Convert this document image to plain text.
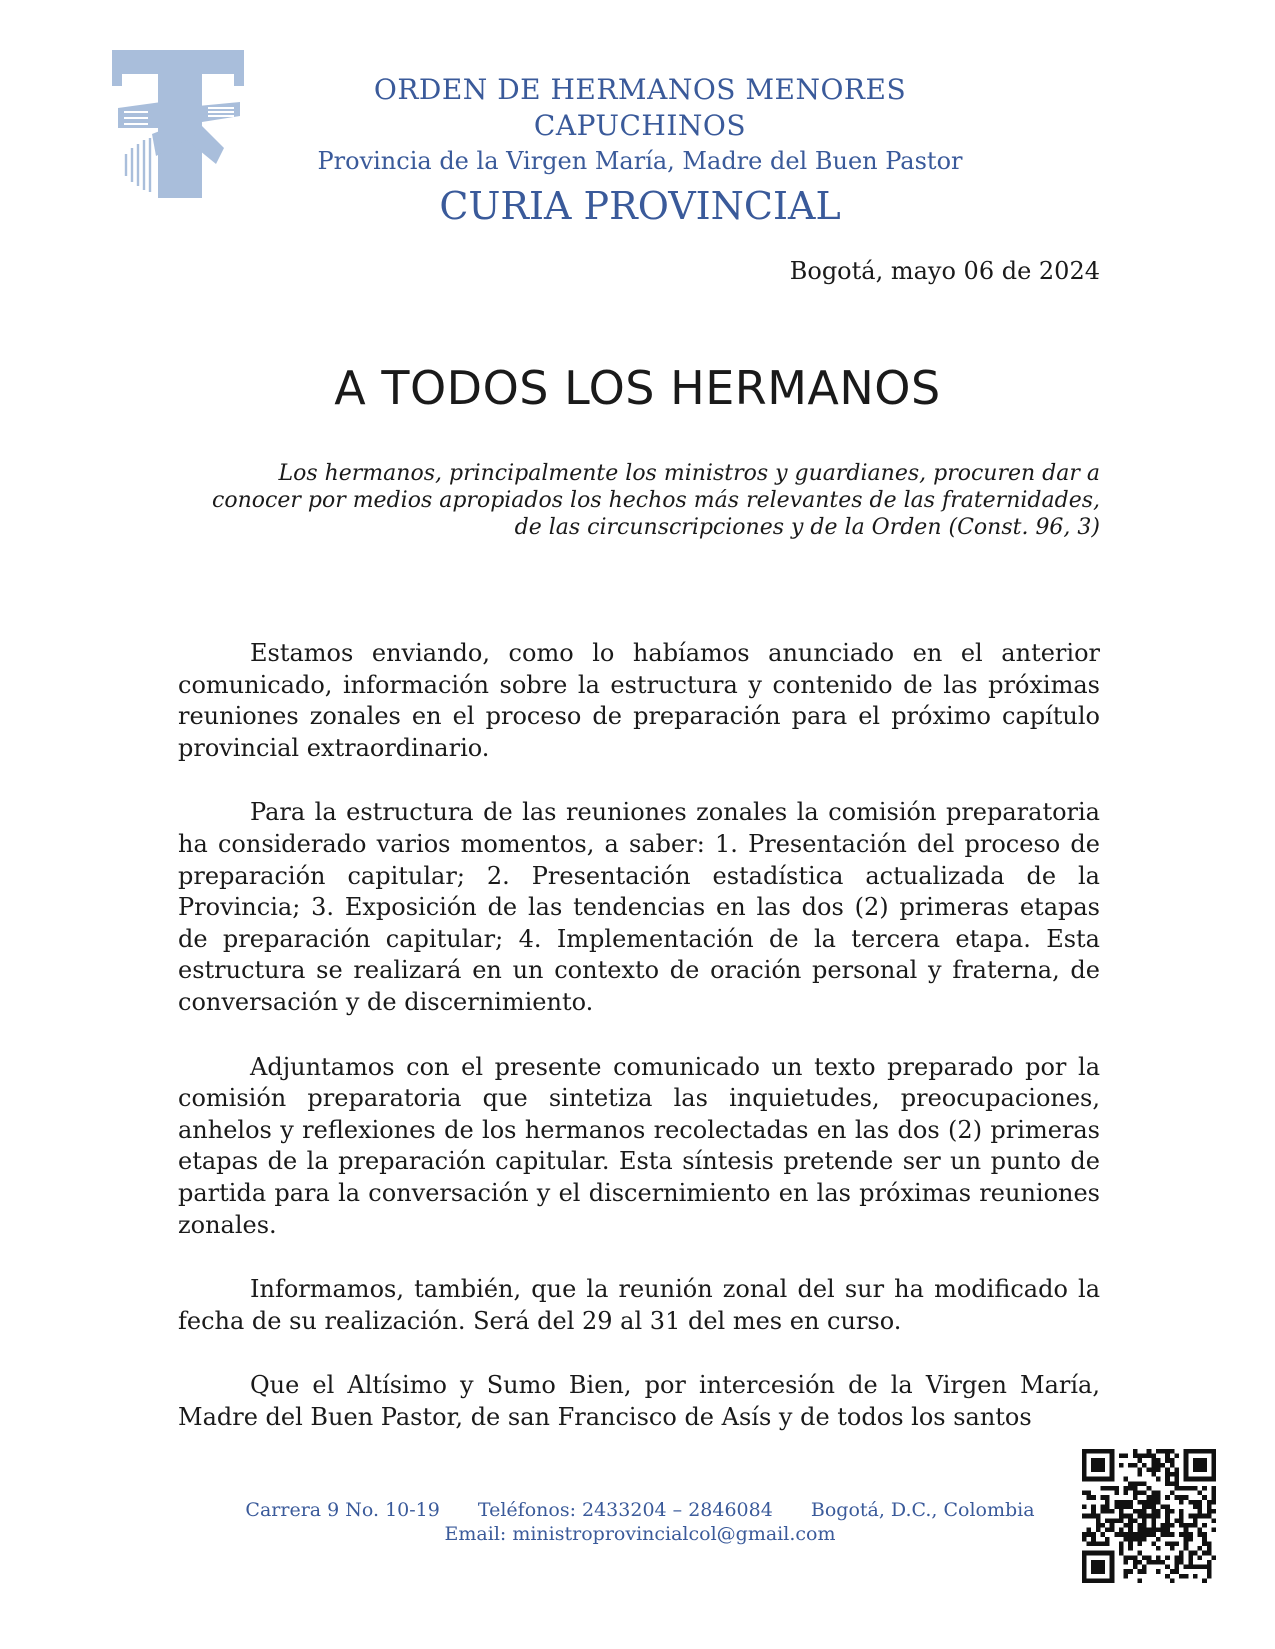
ORDEN DE HERMANOS MENORES CAPUCHINOS

Provincia de la Virgen María, Madre del Buen Pastor

CURIA PROVINCIAL

Bogotá, mayo 06 de 2024
A TODOS LOS HERMANOS
Los hermanos, principalmente los ministros y guardianes, procuren dar a
conocer por medios apropiados los hechos más relevantes de las fraternidades,
de las circunscripciones y de la Orden (Const. 96, 3)

Estamos enviando, como lo habíamos anunciado en el anterior comunicado, información sobre la estructura y contenido de las próximas reuniones zonales en el proceso de preparación para el próximo capítulo provincial extraordinario.

Para la estructura de las reuniones zonales la comisión preparatoria ha considerado varios momentos, a saber: 1. Presentación del proceso de preparación capitular; 2. Presentación estadística actualizada de la Provincia; 3. Exposición de las tendencias en las dos (2) primeras etapas de preparación capitular; 4. Implementación de la tercera etapa. Esta estructura se realizará en un contexto de oración personal y fraterna, de conversación y de discernimiento.

Adjuntamos con el presente comunicado un texto preparado por la comisión preparatoria que sintetiza las inquietudes, preocupaciones, anhelos y reflexiones de los hermanos recolectadas en las dos (2) primeras etapas de la preparación capitular. Esta síntesis pretende ser un punto de partida para la conversación y el discernimiento en las próximas reuniones zonales.

Informamos, también, que la reunión zonal del sur ha modificado la fecha de su realización. Será del 29 al 31 del mes en curso.

Que el Altísimo y Sumo Bien, por intercesión de la Virgen María, Madre del Buen Pastor, de san Francisco de Asís y de todos los santos

Carrera 9 No. 10-19 Teléfonos: 2433204 – 2846084 Bogotá, D.C., Colombia
Email: ministroprovincialcol@gmail.com
